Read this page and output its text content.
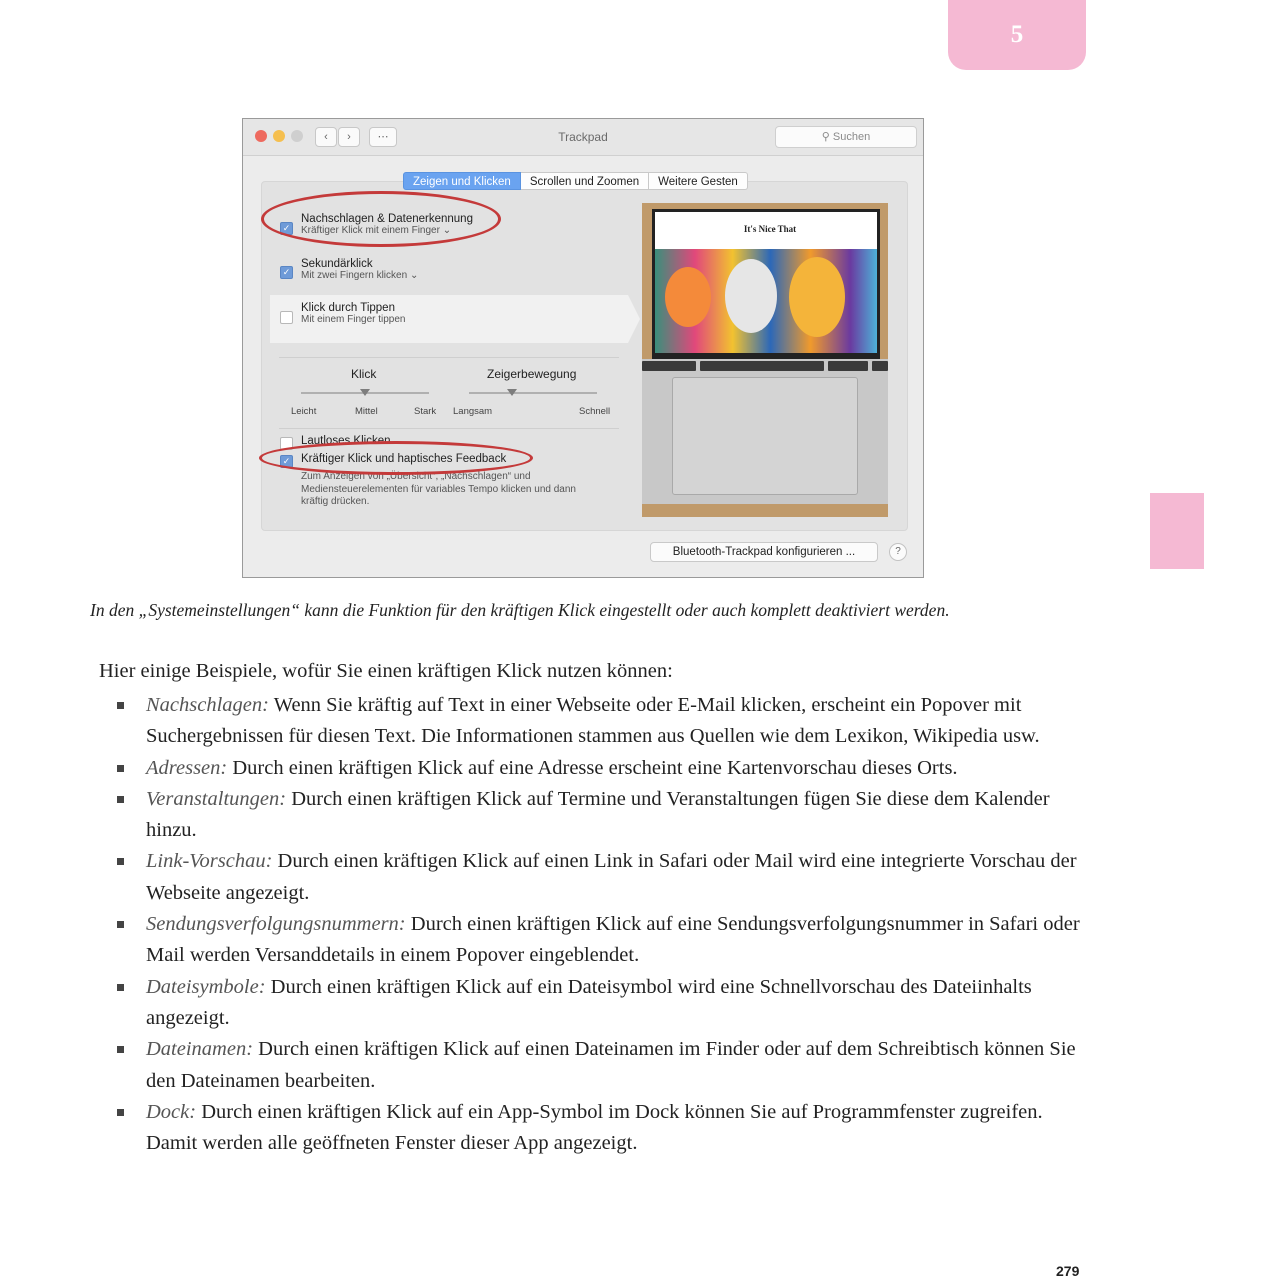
5
‹	›	⋯	Trackpad	⚲ Suchen
Zeigen und Klicken	Scrollen und Zoomen	Weitere Gesten
✓
Nachschlagen & Datenerkennung
Kräftiger Klick mit einem Finger ⌄
✓
Sekundärklick
Mit zwei Fingern klicken ⌄
Klick durch Tippen
Mit einem Finger tippen
Klick
Leicht	Mittel	Stark
Zeigerbewegung
Langsam	Schnell
Lautloses Klicken
✓ Kräftiger Klick und haptisches Feedback
Zum Anzeigen von „Übersicht“, „Nachschlagen“ und Mediensteuerelementen für variables Tempo klicken und dann kräftig drücken.
It's Nice That
Bluetooth-Trackpad konfigurieren ...	?
In den „Systemeinstellungen“ kann die Funktion für den kräftigen Klick eingestellt oder auch komplett deaktiviert werden.
Hier einige Beispiele, wofür Sie einen kräftigen Klick nutzen können:
Nachschlagen: Wenn Sie kräftig auf Text in einer Webseite oder E-Mail klicken, erscheint ein Popover mit Suchergebnissen für diesen Text. Die Informationen stammen aus Quellen wie dem Lexikon, Wikipedia usw.
Adressen: Durch einen kräftigen Klick auf eine Adresse erscheint eine Kartenvorschau dieses Orts.
Veranstaltungen: Durch einen kräftigen Klick auf Termine und Veranstaltungen fügen Sie diese dem Kalender hinzu.
Link-Vorschau: Durch einen kräftigen Klick auf einen Link in Safari oder Mail wird eine integrierte Vorschau der Webseite angezeigt.
Sendungsverfolgungsnummern: Durch einen kräftigen Klick auf eine Sendungsverfolgungsnummer in Safari oder Mail werden Versanddetails in einem Popover eingeblendet.
Dateisymbole: Durch einen kräftigen Klick auf ein Dateisymbol wird eine Schnellvorschau des Dateiinhalts angezeigt.
Dateinamen: Durch einen kräftigen Klick auf einen Dateinamen im Finder oder auf dem Schreibtisch können Sie den Dateinamen bearbeiten.
Dock: Durch einen kräftigen Klick auf ein App-Symbol im Dock können Sie auf Programmfenster zugreifen. Damit werden alle geöffneten Fenster dieser App angezeigt.
279
